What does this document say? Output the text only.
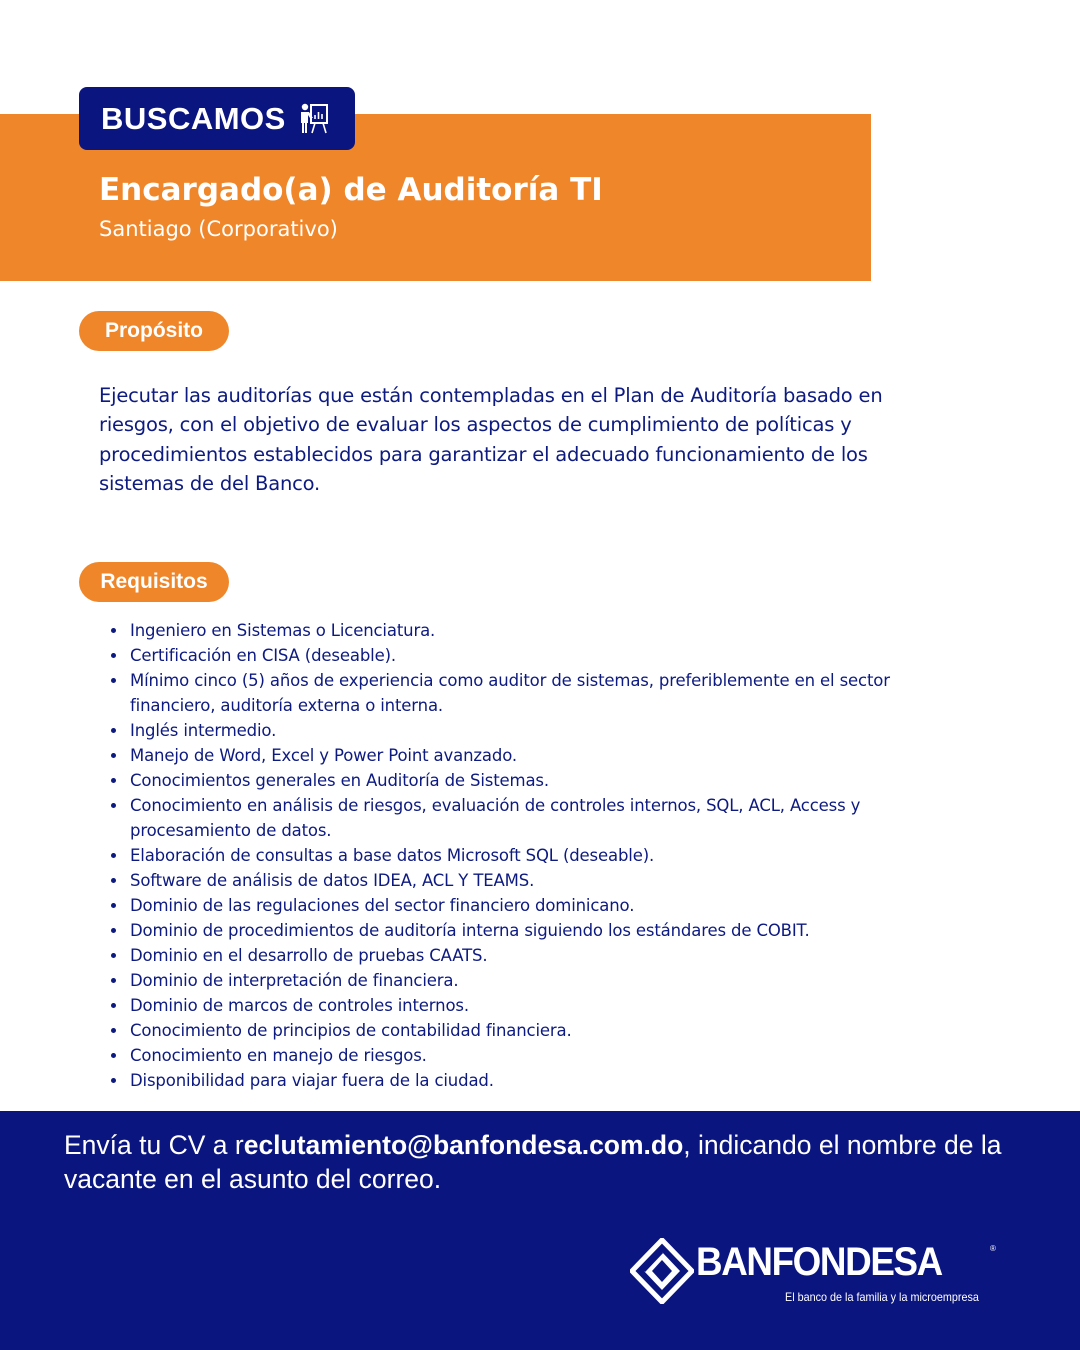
BUSCAMOS
Encargado(a) de Auditoría TI
Santiago (Corporativo)
Propósito
Ejecutar las auditorías que están contempladas en el Plan de Auditoría basado en riesgos, con el objetivo de evaluar los aspectos de cumplimiento de políticas y procedimientos establecidos para garantizar el adecuado funcionamiento de los sistemas de del Banco.
Requisitos
Ingeniero en Sistemas o Licenciatura.
Certificación en CISA (deseable).
Mínimo cinco (5) años de experiencia como auditor de sistemas, preferiblemente en el sector financiero, auditoría externa o interna.
Inglés intermedio.
Manejo de Word, Excel y Power Point avanzado.
Conocimientos generales en Auditoría de Sistemas.
Conocimiento en análisis de riesgos, evaluación de controles internos, SQL, ACL, Access y procesamiento de datos.
Elaboración de consultas a base datos Microsoft SQL (deseable).
Software de análisis de datos IDEA, ACL Y TEAMS.
Dominio de las regulaciones del sector financiero dominicano.
Dominio de procedimientos de auditoría interna siguiendo los estándares de COBIT.
Dominio en el desarrollo de pruebas CAATS.
Dominio de interpretación de financiera.
Dominio de marcos de controles internos.
Conocimiento de principios de contabilidad financiera.
Conocimiento en manejo de riesgos.
Disponibilidad para viajar fuera de la ciudad.
Envía tu CV a reclutamiento@banfondesa.com.do, indicando el nombre de la vacante en el asunto del correo.
BANFONDESA	®
El banco de la familia y la microempresa
